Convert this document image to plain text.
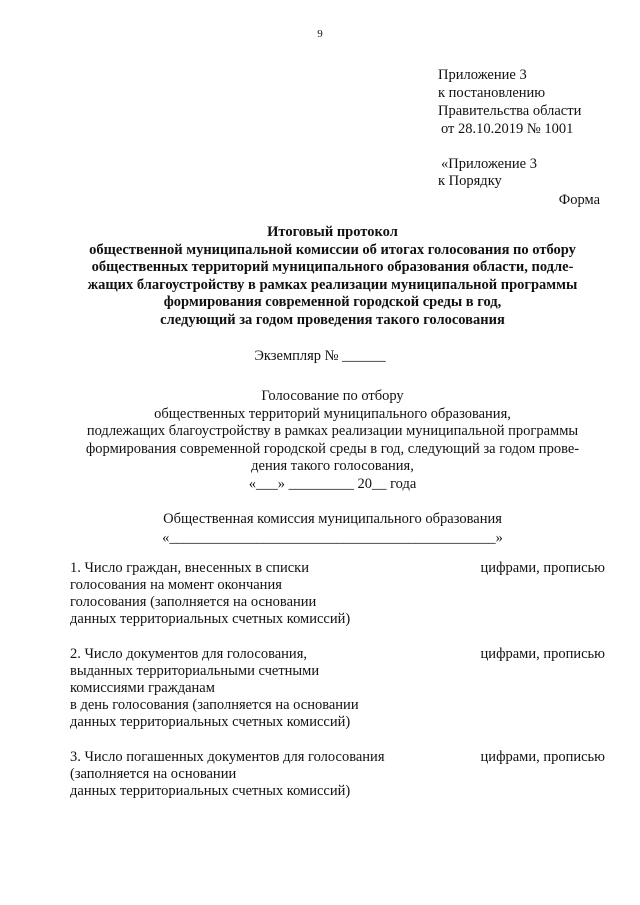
9
Приложение 3
к постановлению
Правительства области
от 28.10.2019 № 1001
«Приложение 3
к Порядку
Форма
Итоговый протокол
общественной муниципальной комиссии об итогах голосования по отбору
общественных территорий муниципального образования области, подле-
жащих благоустройству в рамках реализации муниципальной программы
формирования современной городской среды в год,
следующий за годом проведения такого голосования
Экземпляр № ______
Голосование по отбору
общественных территорий муниципального образования,
подлежащих благоустройству в рамках реализации муниципальной программы
формирования современной городской среды в год, следующий за годом прове-
дения такого голосования,
«___» _________ 20__ года
Общественная комиссия муниципального образования
«_____________________________________________»
1. Число граждан, внесенных в списки
голосования на момент окончания
голосования (заполняется на основании
данных территориальных счетных комиссий)
цифрами, прописью
2. Число документов для голосования,
выданных территориальными счетными
комиссиями гражданам
в день голосования (заполняется на основании
данных территориальных счетных комиссий)
цифрами, прописью
3. Число погашенных документов для голосования
(заполняется на основании
данных территориальных счетных комиссий)
цифрами, прописью
